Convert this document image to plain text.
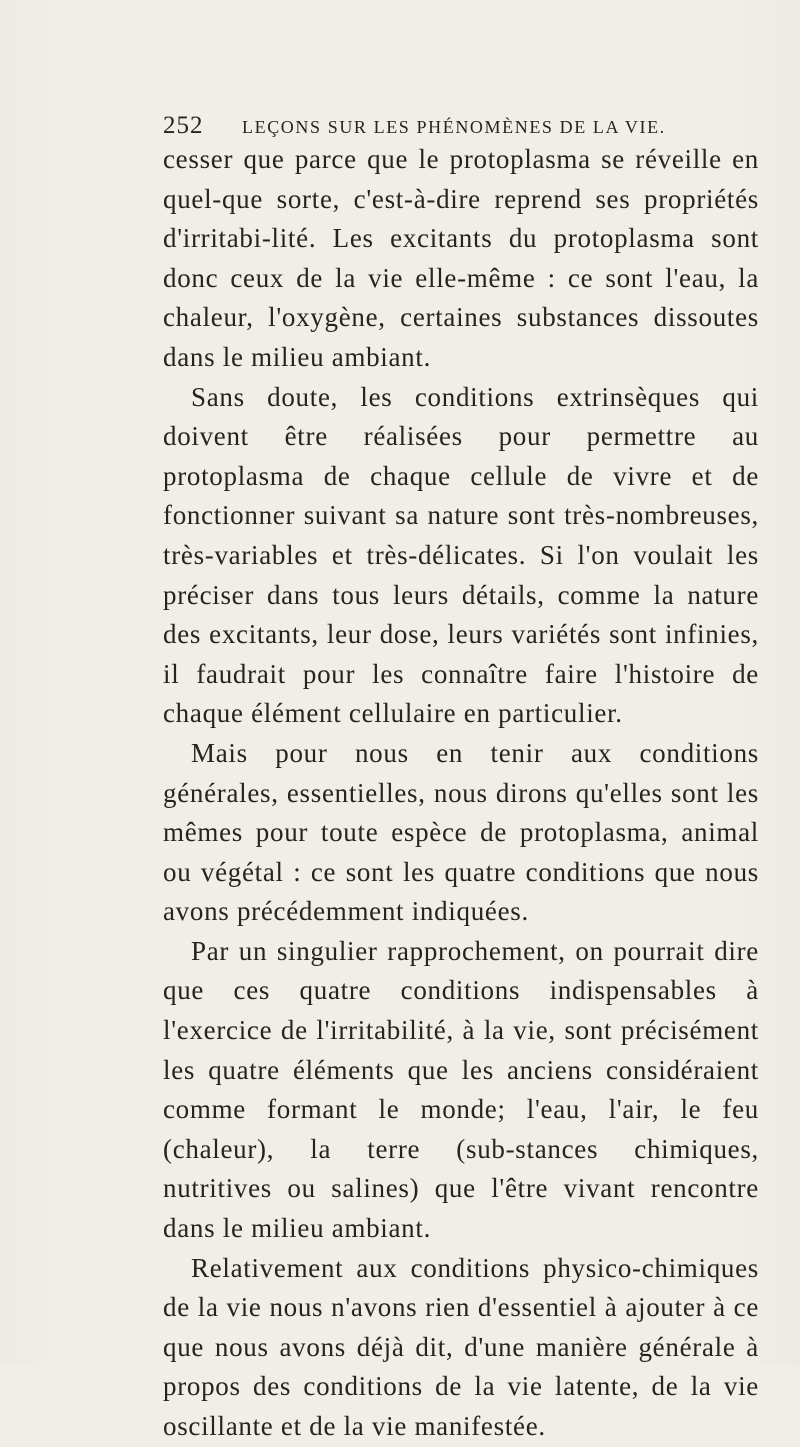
252 LEÇONS SUR LES PHÉNOMÈNES DE LA VIE.

cesser que parce que le protoplasma se réveille en quel-que sorte, c'est-à-dire reprend ses propriétés d'irritabi-lité. Les excitants du protoplasma sont donc ceux de la vie elle-même : ce sont l'eau, la chaleur, l'oxygène, certaines substances dissoutes dans le milieu ambiant.

Sans doute, les conditions extrinsèques qui doivent être réalisées pour permettre au protoplasma de chaque cellule de vivre et de fonctionner suivant sa nature sont très-nombreuses, très-variables et très-délicates. Si l'on voulait les préciser dans tous leurs détails, comme la nature des excitants, leur dose, leurs variétés sont infinies, il faudrait pour les connaître faire l'histoire de chaque élément cellulaire en particulier.

Mais pour nous en tenir aux conditions générales, essentielles, nous dirons qu'elles sont les mêmes pour toute espèce de protoplasma, animal ou végétal : ce sont les quatre conditions que nous avons précédemment indiquées.

Par un singulier rapprochement, on pourrait dire que ces quatre conditions indispensables à l'exercice de l'irritabilité, à la vie, sont précisément les quatre éléments que les anciens considéraient comme formant le monde; l'eau, l'air, le feu (chaleur), la terre (sub-stances chimiques, nutritives ou salines) que l'être vivant rencontre dans le milieu ambiant.

Relativement aux conditions physico-chimiques de la vie nous n'avons rien d'essentiel à ajouter à ce que nous avons déjà dit, d'une manière générale à propos des conditions de la vie latente, de la vie oscillante et de la vie manifestée.
